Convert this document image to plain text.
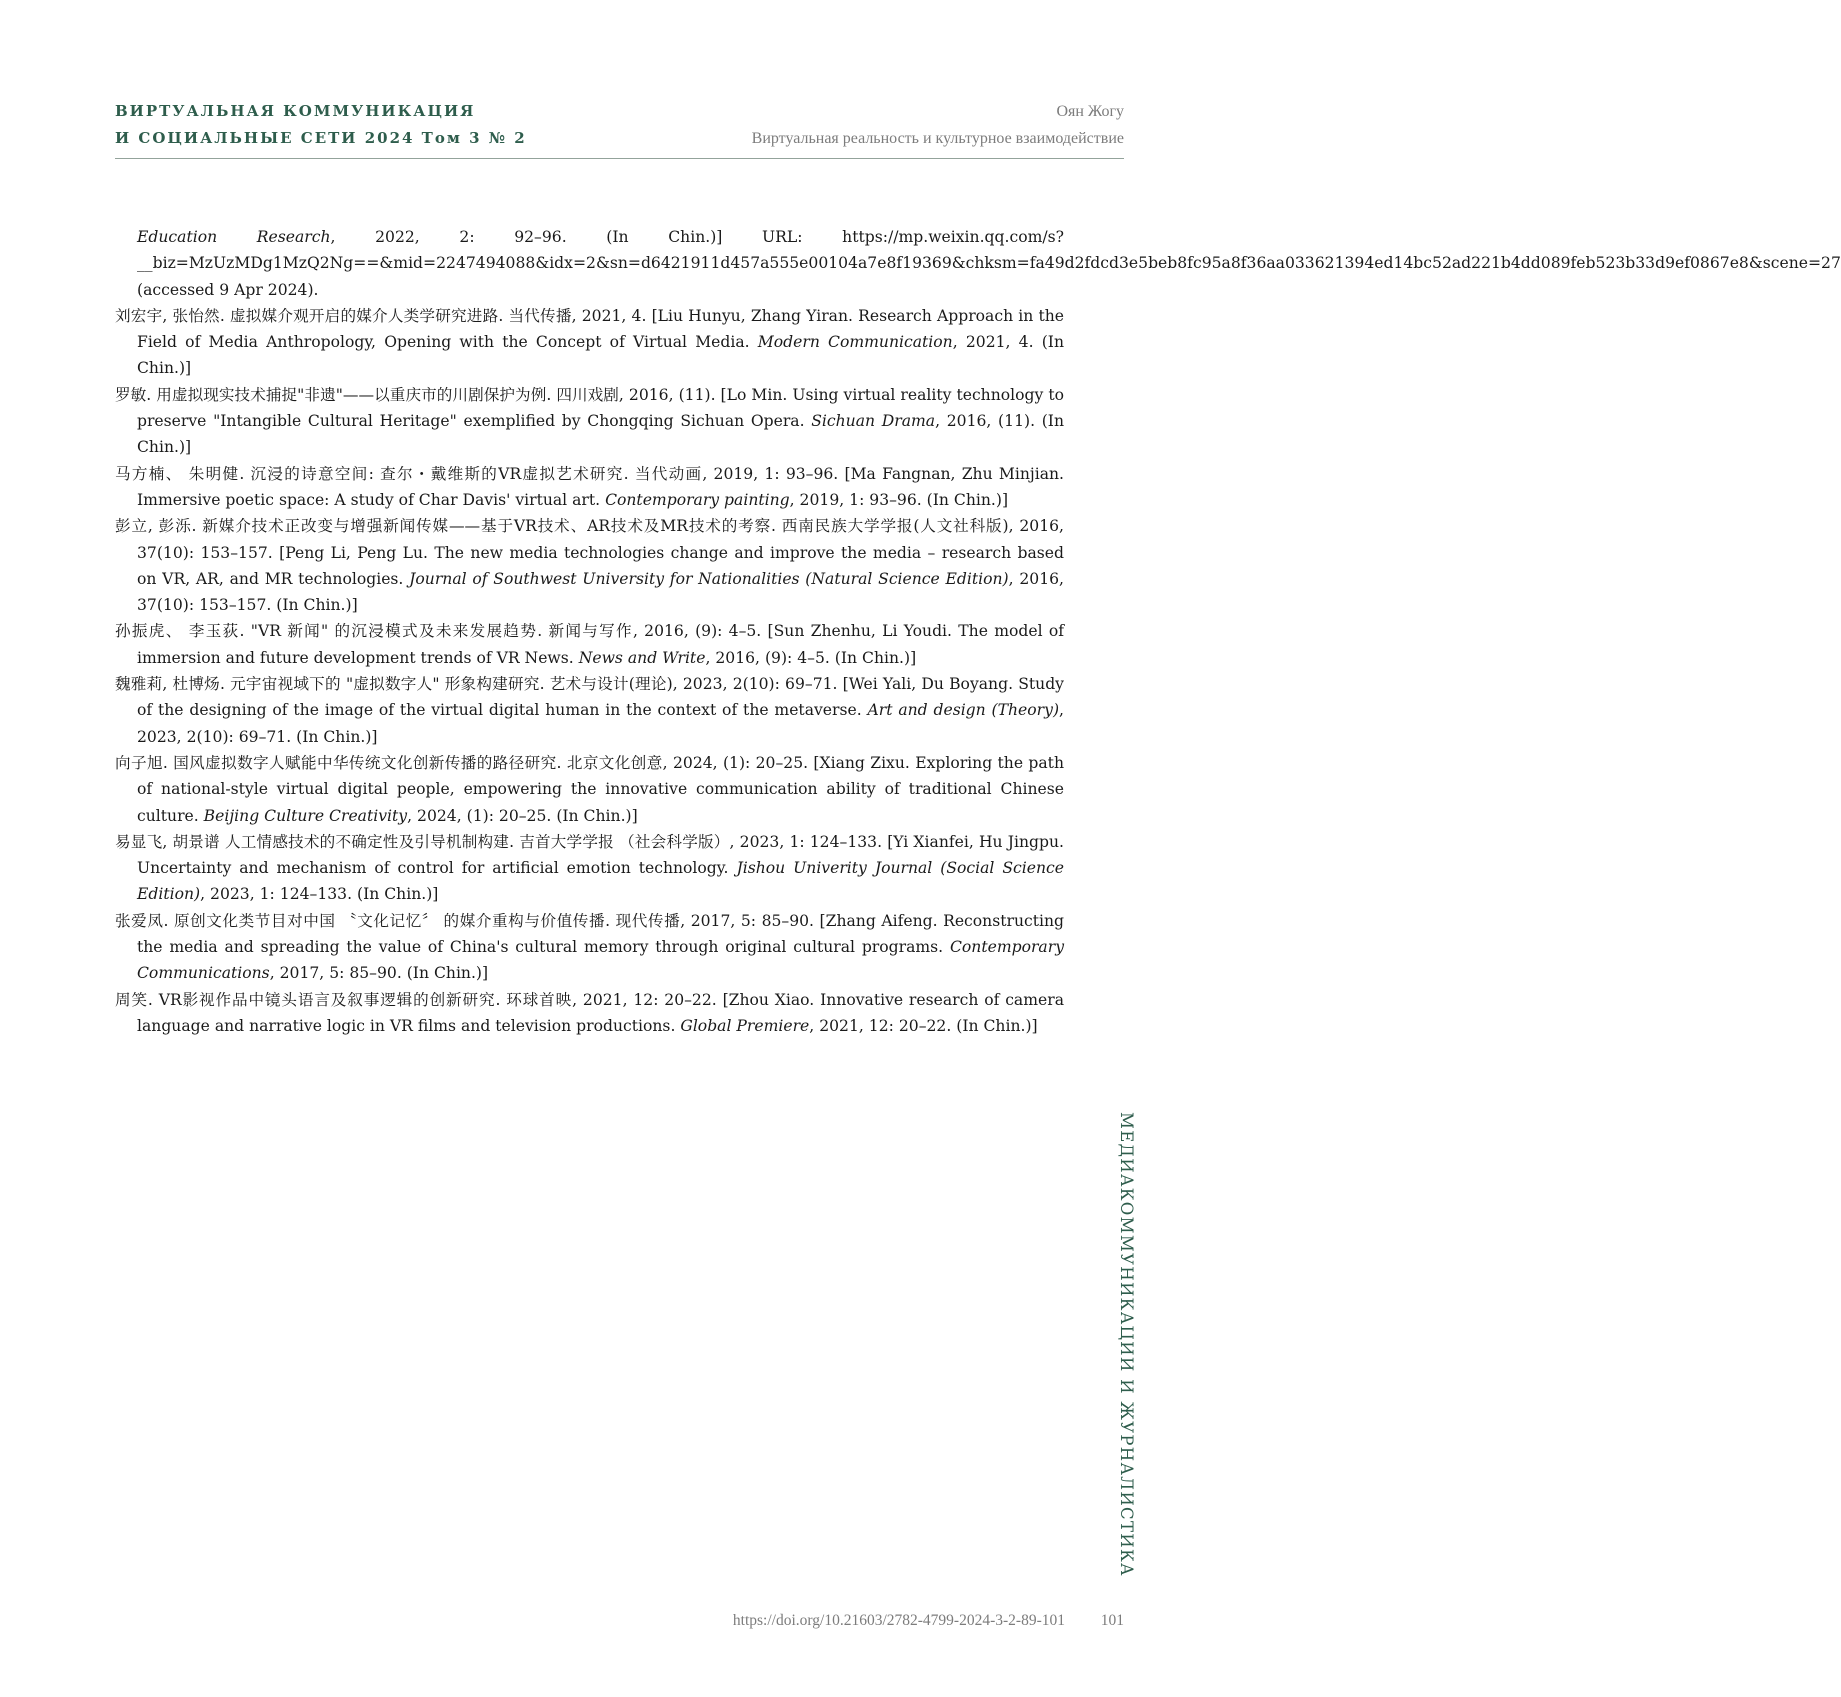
ВИРТУАЛЬНАЯ КОММУНИКАЦИЯ
И СОЦИАЛЬНЫЕ СЕТИ 2024 Том 3 № 2
Оян Жогу
Виртуальная реальность и культурное взаимодействие

Education Research, 2022, 2: 92–96. (In Chin.)] URL: https://mp.weixin.qq.com/s?__biz=MzUzMDg1MzQ2Ng==&mid=2247494088&idx=2&sn=d6421911d457a555e00104a7e8f19369&chksm=fa49d2fdcd3e5beb8fc95a8f36aa033621394ed14bc52ad221b4dd089feb523b33d9ef0867e8&scene=27 (accessed 9 Apr 2024).

刘宏宇, 张怡然. 虚拟媒介观开启的媒介人类学研究进路. 当代传播, 2021, 4. [Liu Hunyu, Zhang Yiran. Research Approach in the Field of Media Anthropology, Opening with the Concept of Virtual Media. Modern Communication, 2021, 4. (In Chin.)]

罗敏. 用虚拟现实技术捕捉"非遗"——以重庆市的川剧保护为例. 四川戏剧, 2016, (11). [Lo Min. Using virtual reality technology to preserve "Intangible Cultural Heritage" exemplified by Chongqing Sichuan Opera. Sichuan Drama, 2016, (11). (In Chin.)]

马方楠、 朱明健. 沉浸的诗意空间: 查尔・戴维斯的VR虚拟艺术研究. 当代动画, 2019, 1: 93–96. [Ma Fangnan, Zhu Minjian. Immersive poetic space: A study of Char Davis' virtual art. Contemporary painting, 2019, 1: 93–96. (In Chin.)]

彭立, 彭泺. 新媒介技术正改变与增强新闻传媒——基于VR技术、AR技术及MR技术的考察. 西南民族大学学报(人文社科版), 2016, 37(10): 153–157. [Peng Li, Peng Lu. The new media technologies change and improve the media – research based on VR, AR, and MR technologies. Journal of Southwest University for Nationalities (Natural Science Edition), 2016, 37(10): 153–157. (In Chin.)]

孙振虎、 李玉荻. "VR 新闻" 的沉浸模式及未来发展趋势. 新闻与写作, 2016, (9): 4–5. [Sun Zhenhu, Li Youdi. The model of immersion and future development trends of VR News. News and Write, 2016, (9): 4–5. (In Chin.)]

魏雅莉, 杜博炀. 元宇宙视域下的 "虚拟数字人" 形象构建研究. 艺术与设计(理论), 2023, 2(10): 69–71. [Wei Yali, Du Boyang. Study of the designing of the image of the virtual digital human in the context of the metaverse. Art and design (Theory), 2023, 2(10): 69–71. (In Chin.)]

向子旭. 国风虚拟数字人赋能中华传统文化创新传播的路径研究. 北京文化创意, 2024, (1): 20–25. [Xiang Zixu. Exploring the path of national-style virtual digital people, empowering the innovative communication ability of traditional Chinese culture. Beijing Culture Creativity, 2024, (1): 20–25. (In Chin.)]

易显飞, 胡景谱 人工情感技术的不确定性及引导机制构建. 吉首大学学报 （社会科学版）, 2023, 1: 124–133. [Yi Xianfei, Hu Jingpu. Uncertainty and mechanism of control for artificial emotion technology. Jishou Univerity Journal (Social Science Edition), 2023, 1: 124–133. (In Chin.)]

张爱凤. 原创文化类节目对中国 〝文化记忆〞 的媒介重构与价值传播. 现代传播, 2017, 5: 85–90. [Zhang Aifeng. Reconstructing the media and spreading the value of China's cultural memory through original cultural programs. Contemporary Communications, 2017, 5: 85–90. (In Chin.)]

周笑. VR影视作品中镜头语言及叙事逻辑的创新研究. 环球首映, 2021, 12: 20–22. [Zhou Xiao. Innovative research of camera language and narrative logic in VR films and television productions. Global Premiere, 2021, 12: 20–22. (In Chin.)]

МЕДИАКОММУНИКАЦИИ И ЖУРНАЛИСТИКА
https://doi.org/10.21603/2782-4799-2024-3-2-89-101	101
